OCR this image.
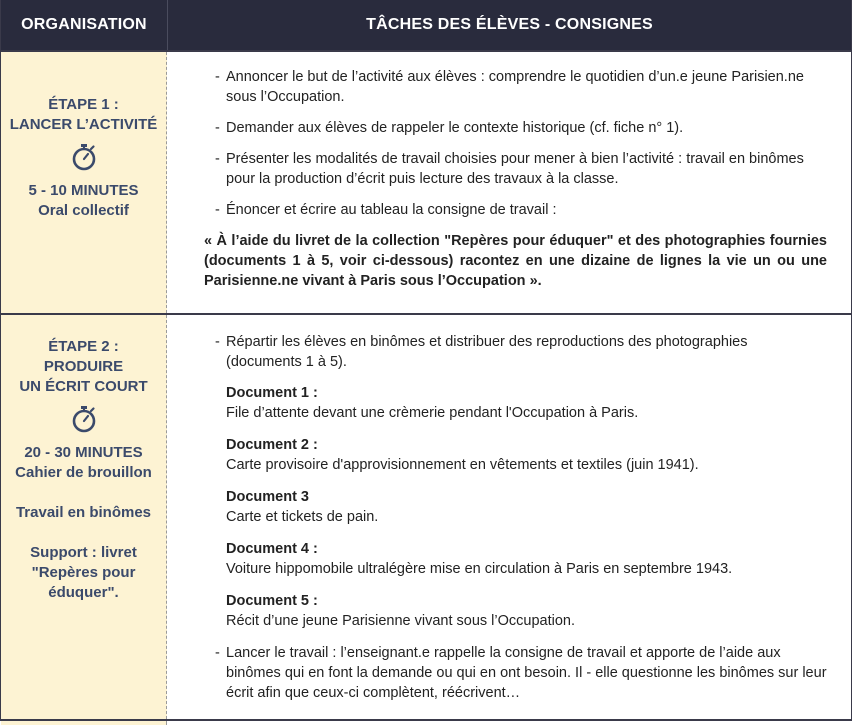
ORGANISATION	TÂCHES DES ÉLÈVES - CONSIGNES
ÉTAPE 1 :
LANCER L’ACTIVITÉ
5 - 10 MINUTES
Oral collectif

- Annoncer le but de l’activité aux élèves : comprendre le quotidien d’un.e jeune Parisien.ne sous l’Occupation.

- Demander aux élèves de rappeler le contexte historique (cf. fiche n° 1).

- Présenter les modalités de travail choisies pour mener à bien l’activité : travail en binômes pour la production d’écrit puis lecture des travaux à la classe.

- Énoncer et écrire au tableau la consigne de travail :

« À l’aide du livret de la collection "Repères pour éduquer" et des photographies fournies (documents 1 à 5, voir ci-dessous) racontez en une dizaine de lignes la vie un ou une Parisienne.ne vivant à Paris sous l’Occupation ».

ÉTAPE 2 :
PRODUIRE
UN ÉCRIT COURT
20 - 30 MINUTES
Cahier de brouillon
Travail en binômes
Support : livret
"Repères pour
éduquer".

- Répartir les élèves en binômes et distribuer des reproductions des photographies (documents 1 à 5).

Document 1 :
File d’attente devant une crèmerie pendant l'Occupation à Paris.
Document 2 :
Carte provisoire d'approvisionnement en vêtements et textiles (juin 1941).
Document 3
Carte et tickets de pain.
Document 4 :
Voiture hippomobile ultralégère mise en circulation à Paris en septembre 1943.
Document 5 :
Récit d’une jeune Parisienne vivant sous l’Occupation.

- Lancer le travail : l’enseignant.e rappelle la consigne de travail et apporte de l’aide aux binômes qui en font la demande ou qui en ont besoin. Il - elle questionne les binômes sur leur écrit afin que ceux-ci complètent, réécrivent…
